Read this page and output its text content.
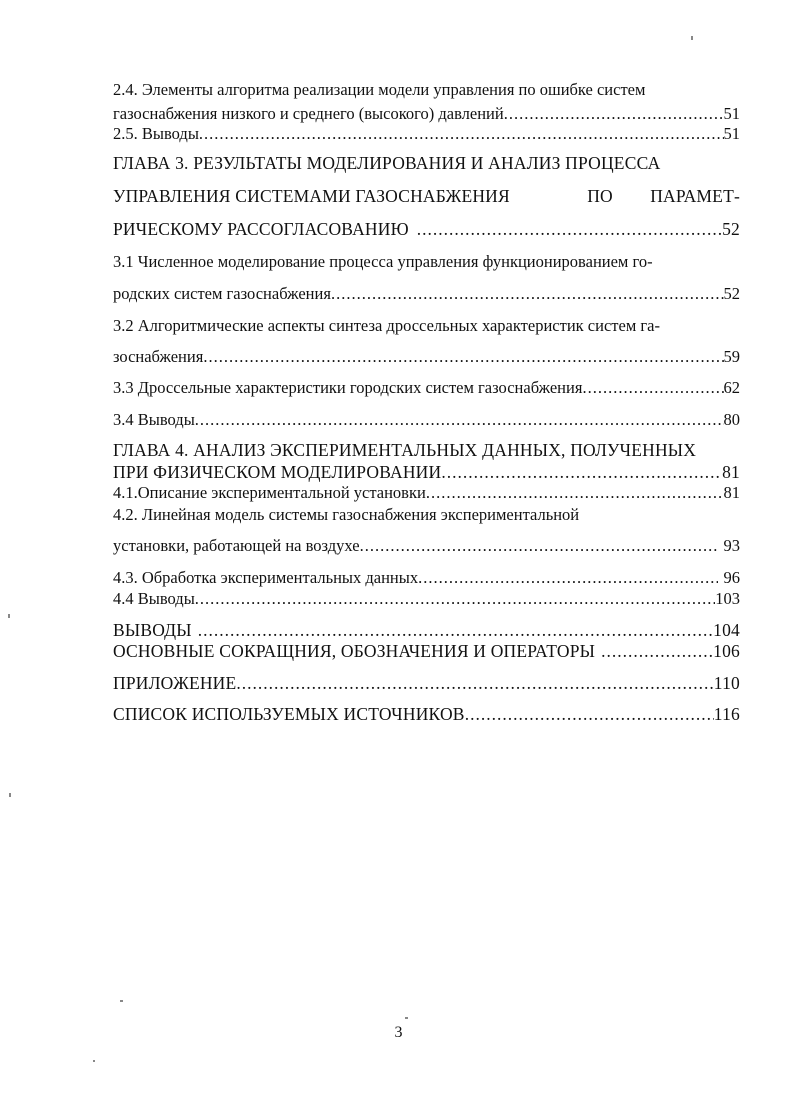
2.4. Элементы алгоритма реализации модели управления по ошибке систем
газоснабжения низкого и среднего (высокого) давлений .....	51
2.5. Выводы .....	51
ГЛАВА 3. РЕЗУЛЬТАТЫ МОДЕЛИРОВАНИЯ И АНАЛИЗ ПРОЦЕССА
УПРАВЛЕНИЯ СИСТЕМАМИ ГАЗОСНАБЖЕНИЯ	ПО ПАРАМЕТ-
РИЧЕСКОМУ РАССОГЛАСОВАНИЮ .....	52
3.1 Численное моделирование процесса управления функционированием го-
родских систем газоснабжения .....	52
3.2 Алгоритмические аспекты синтеза дроссельных характеристик систем га-
зоснабжения .....	59
3.3 Дроссельные характеристики городских систем газоснабжения .....	62
3.4 Выводы .....	80
ГЛАВА 4. АНАЛИЗ ЭКСПЕРИМЕНТАЛЬНЫХ ДАННЫХ, ПОЛУЧЕННЫХ
ПРИ ФИЗИЧЕСКОМ МОДЕЛИРОВАНИИ .....	81
4.1.Описание экспериментальной установки .....	81
4.2. Линейная модель системы газоснабжения экспериментальной
установки, работающей на воздухе .....	93
4.3. Обработка экспериментальных данных .....	96
4.4 Выводы .....	103
ВЫВОДЫ .....	104
ОСНОВНЫЕ СОКРАЩНИЯ, ОБОЗНАЧЕНИЯ И ОПЕРАТОРЫ .....	106
ПРИЛОЖЕНИЕ .....	110
СПИСОК ИСПОЛЬЗУЕМЫХ ИСТОЧНИКОВ .....	116
3
